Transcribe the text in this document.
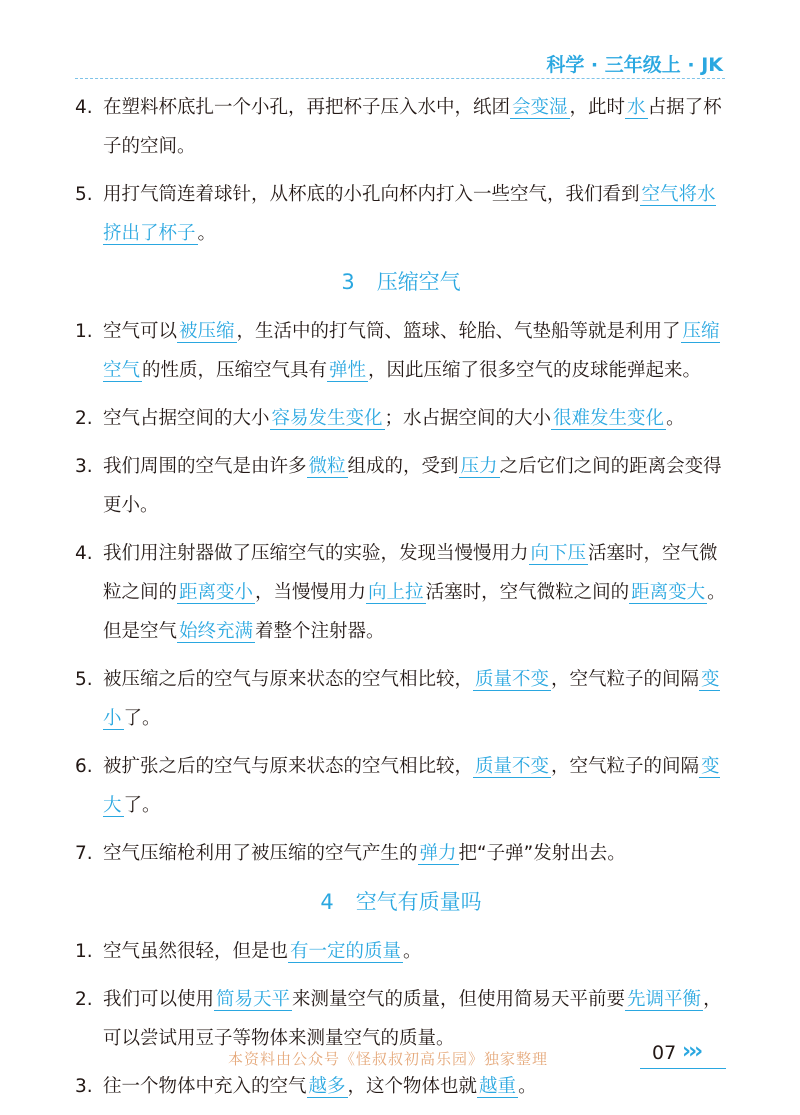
科学 · 三年级上 · JK
4. 在塑料杯底扎一个小孔，再把杯子压入水中，纸团 会变湿 ，此时 水 占据了杯子的空间。
5. 用打气筒连着球针，从杯底的小孔向杯内打入一些空气，我们看到 空气将水挤出了杯子 。
3 压缩空气
1. 空气可以 被压缩 ，生活中的打气筒、篮球、轮胎、气垫船等就是利用了 压缩空气 的性质，压缩空气具有 弹性 ，因此压缩了很多空气的皮球能弹起来。
2. 空气占据空间的大小 容易发生变化 ；水占据空间的大小 很难发生变化 。
3. 我们周围的空气是由许多 微粒 组成的，受到 压力 之后它们之间的距离会变得更小。
4. 我们用注射器做了压缩空气的实验，发现当慢慢用力 向下压 活塞时，空气微粒之间的 距离变小 ，当慢慢用力 向上拉 活塞时，空气微粒之间的 距离变大 。但是空气 始终充满 着整个注射器。
5. 被压缩之后的空气与原来状态的空气相比较， 质量不变 ，空气粒子的间隔 变小 了。
6. 被扩张之后的空气与原来状态的空气相比较， 质量不变 ，空气粒子的间隔 变大 了。
7. 空气压缩枪利用了被压缩的空气产生的 弹力 把“子弹”发射出去。
4 空气有质量吗
1. 空气虽然很轻，但是也 有一定的质量 。
2. 我们可以使用 简易天平 来测量空气的质量，但使用简易天平前要 先调平衡 ，可以尝试用豆子等物体来测量空气的质量。
3. 往一个物体中充入的空气 越多 ，这个物体也就 越重 。
本资料由公众号《怪叔叔初高乐园》独家整理	07 ›››
